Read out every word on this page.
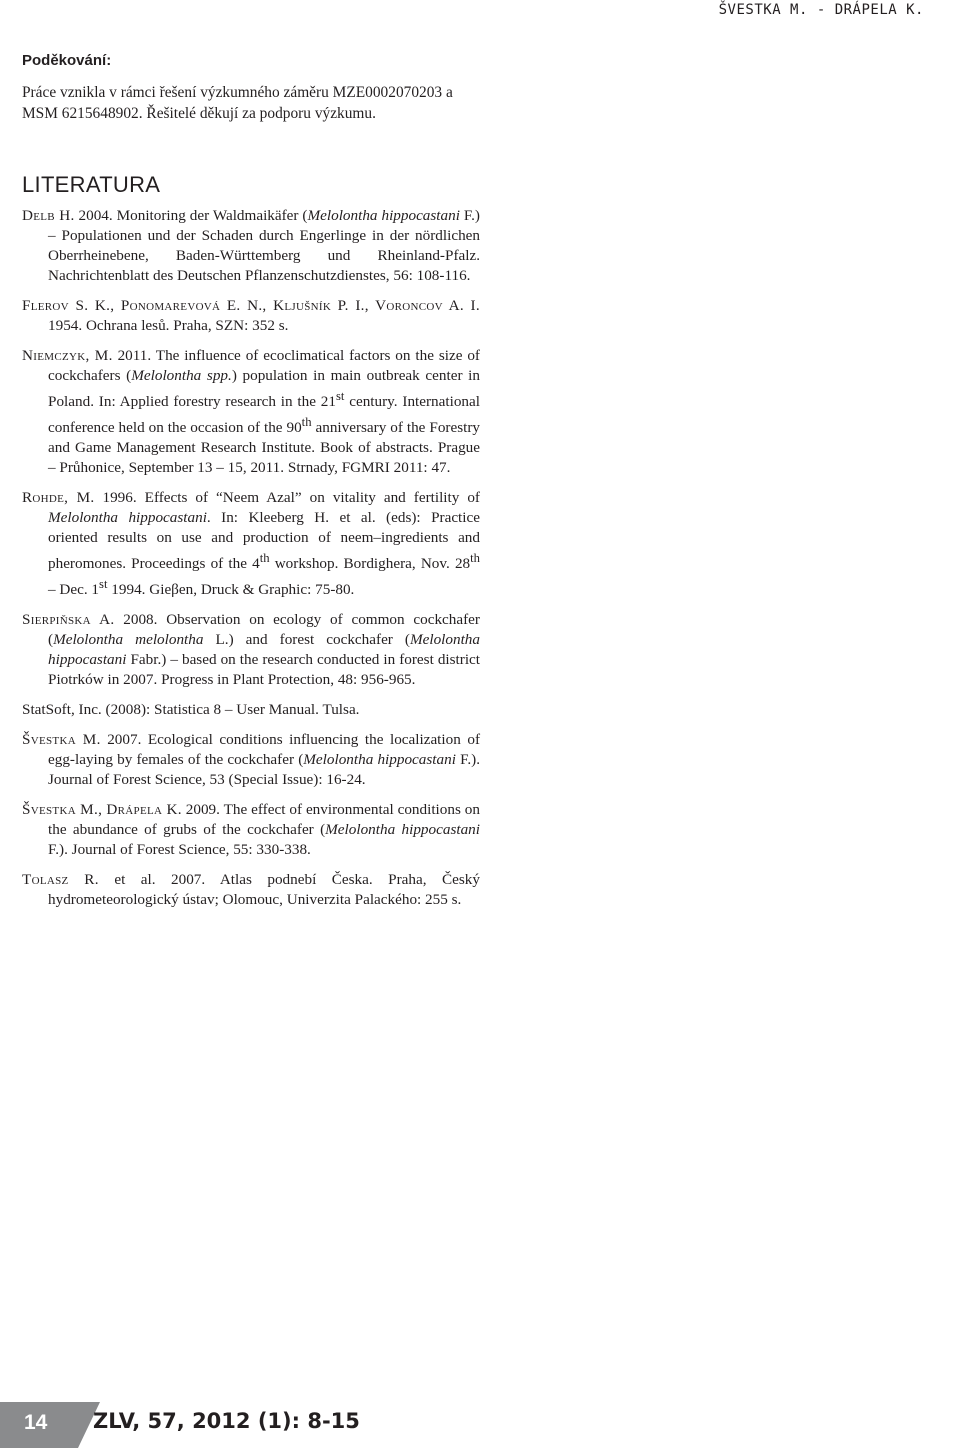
ŠVESTKA M. - DRÁPELA K.
Poděkování:
Práce vznikla v rámci řešení výzkumného záměru MZE0002070203 a MSM 6215648902. Řešitelé děkují za podporu výzkumu.
LITERATURA

Delb H. 2004. Monitoring der Waldmaikäfer (Melolontha hippocastani F.) – Populationen und der Schaden durch Engerlinge in der nördlichen Oberrheinebene, Baden-Württemberg und Rheinland-Pfalz. Nachrichtenblatt des Deutschen Pflanzenschutzdienstes, 56: 108-116.

Flerov S. K., Ponomarevová E. N., Kljušník P. I., Voroncov A. I. 1954. Ochrana lesů. Praha, SZN: 352 s.

Niemczyk, M. 2011. The influence of ecoclimatical factors on the size of cockchafers (Melolontha spp.) population in main outbreak center in Poland. In: Applied forestry research in the 21st century. International conference held on the occasion of the 90th anniversary of the Forestry and Game Management Research Institute. Book of abstracts. Prague – Průhonice, September 13 – 15, 2011. Strnady, FGMRI 2011: 47.

Rohde, M. 1996. Effects of “Neem Azal” on vitality and fertility of Melolontha hippocastani. In: Kleeberg H. et al. (eds): Practice oriented results on use and production of neem–ingredients and pheromones. Proceedings of the 4th workshop. Bordighera, Nov. 28th – Dec. 1st 1994. Gieβen, Druck & Graphic: 75-80.

Sierpiňska A. 2008. Observation on ecology of common cockchafer (Melolontha melolontha L.) and forest cockchafer (Melolontha hippocastani Fabr.) – based on the research conducted in forest district Piotrków in 2007. Progress in Plant Protection, 48: 956-965.

StatSoft, Inc. (2008): Statistica 8 – User Manual. Tulsa.

Švestka M. 2007. Ecological conditions influencing the localization of egg-laying by females of the cockchafer (Melolontha hippocastani F.). Journal of Forest Science, 53 (Special Issue): 16-24.

Švestka M., Drápela K. 2009. The effect of environmental conditions on the abundance of grubs of the cockchafer (Melolontha hippocastani F.). Journal of Forest Science, 55: 330-338.

Tolasz R. et al. 2007. Atlas podnebí Česka. Praha, Český hydrometeorologický ústav; Olomouc, Univerzita Palackého: 255 s.

14 ZLV, 57, 2012 (1): 8-15
